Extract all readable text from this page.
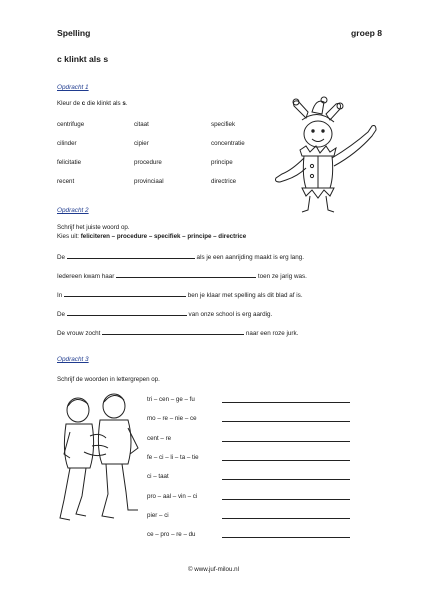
Spelling	groep 8
c klinkt als s
Opdracht 1
Kleur de c die klinkt als s.
centrifuge	citaat	specifiek
cilinder	cipier	concentratie
felicitatie	procedure	principe
recent	provinciaal	directrice
Opdracht 2
Schrijf het juiste woord op.
Kies uit: feliciteren – procedure – specifiek – principe – directrice
De	als je een aanrijding maakt is erg lang.
Iedereen kwam haar	toen ze jarig was.
In	ben je klaar met spelling als dit blad af is.
De	van onze school is erg aardig.
De vrouw zocht	naar een roze jurk.
Opdracht 3
Schrijf de woorden in lettergrepen op.
tri – cen – ge – fu
mo – re – nie – ce
cent – re
fe – ci – li – ta – tie
ci – taat
pro – aal – vin – ci
pier – ci
ce – pro – re – du
© www.juf-milou.nl
